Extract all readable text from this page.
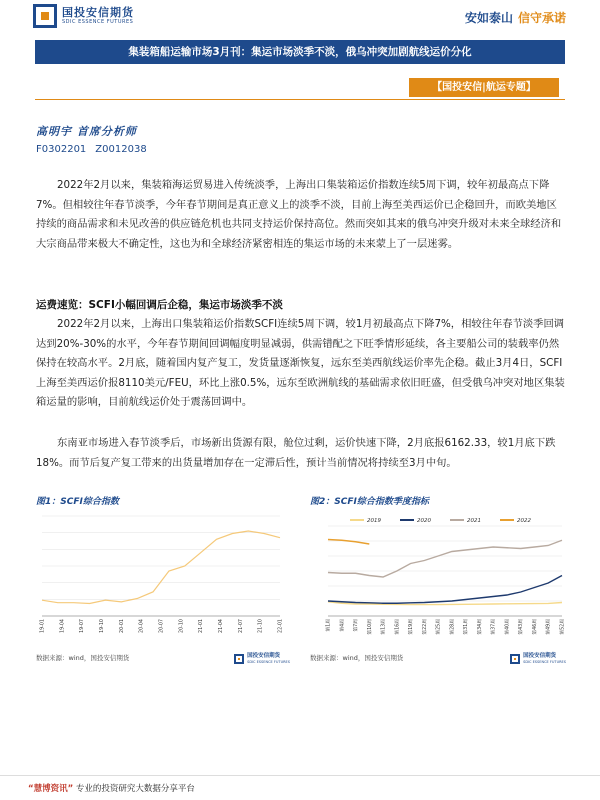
国投安信期货
SDIC ESSENCE FUTURES	安如泰山 信守承诺
集装箱船运输市场3月刊：集运市场淡季不淡，俄乌冲突加剧航线运价分化
【国投安信|航运专题】
高明宇 首席分析师
F0302201 Z0012038
2022年2月以来，集装箱海运贸易进入传统淡季，上海出口集装箱运价指数连续5周下调，较年初最高点下降7%。但相较往年春节淡季，今年春节期间是真正意义上的淡季不淡，目前上海至美西运价已企稳回升，而欧美地区持续的商品需求和未见改善的供应链危机也共同支持运价保持高位。然而突如其来的俄乌冲突升级对未来全球经济和大宗商品带来极大不确定性，这也为和全球经济紧密相连的集运市场的未来蒙上了一层迷雾。
运费速览：SCFI小幅回调后企稳，集运市场淡季不淡
2022年2月以来，上海出口集装箱运价指数SCFI连续5周下调，较1月初最高点下降7%，相较往年春节淡季回调达到20%-30%的水平，今年春节期间回调幅度明显减弱，供需错配之下旺季情形延续，各主要船公司的装载率仍然保持在较高水平。2月底，随着国内复产复工，发货量逐渐恢复，远东至美西航线运价率先企稳。截止3月4日，SCFI上海至美西运价报8110美元/FEU，环比上涨0.5%，远东至欧洲航线的基础需求依旧旺盛，但受俄乌冲突对地区集装箱运量的影响，目前航线运价处于震荡回调中。
东南亚市场进入春节淡季后，市场新出货源有限，舱位过剩，运价快速下降，2月底报6162.33，较1月底下跌18%。而节后复产复工带来的出货量增加存在一定滞后性，预计当前情况将持续至3月中旬。
图1：SCFI综合指数
19-01	19-04	19-07	19-10	20-01	20-04	20-07	20-10	21-01	21-04	21-07	21-10	22-01
数据来源：wind，国投安信期货	国投安信期货
SDIC ESSENCE FUTURES
图2：SCFI综合指数季度指标
第1周	第4周	第7周	第10周	第13周	第16周	第19周	第22周	第25周	第28周	第31周	第34周	第37周	第40周	第43周	第46周	第49周	第52周
2019	2020	2021	2022
数据来源：wind，国投安信期货	国投安信期货
SDIC ESSENCE FUTURES
“慧博资讯” 专业的投资研究大数据分享平台
